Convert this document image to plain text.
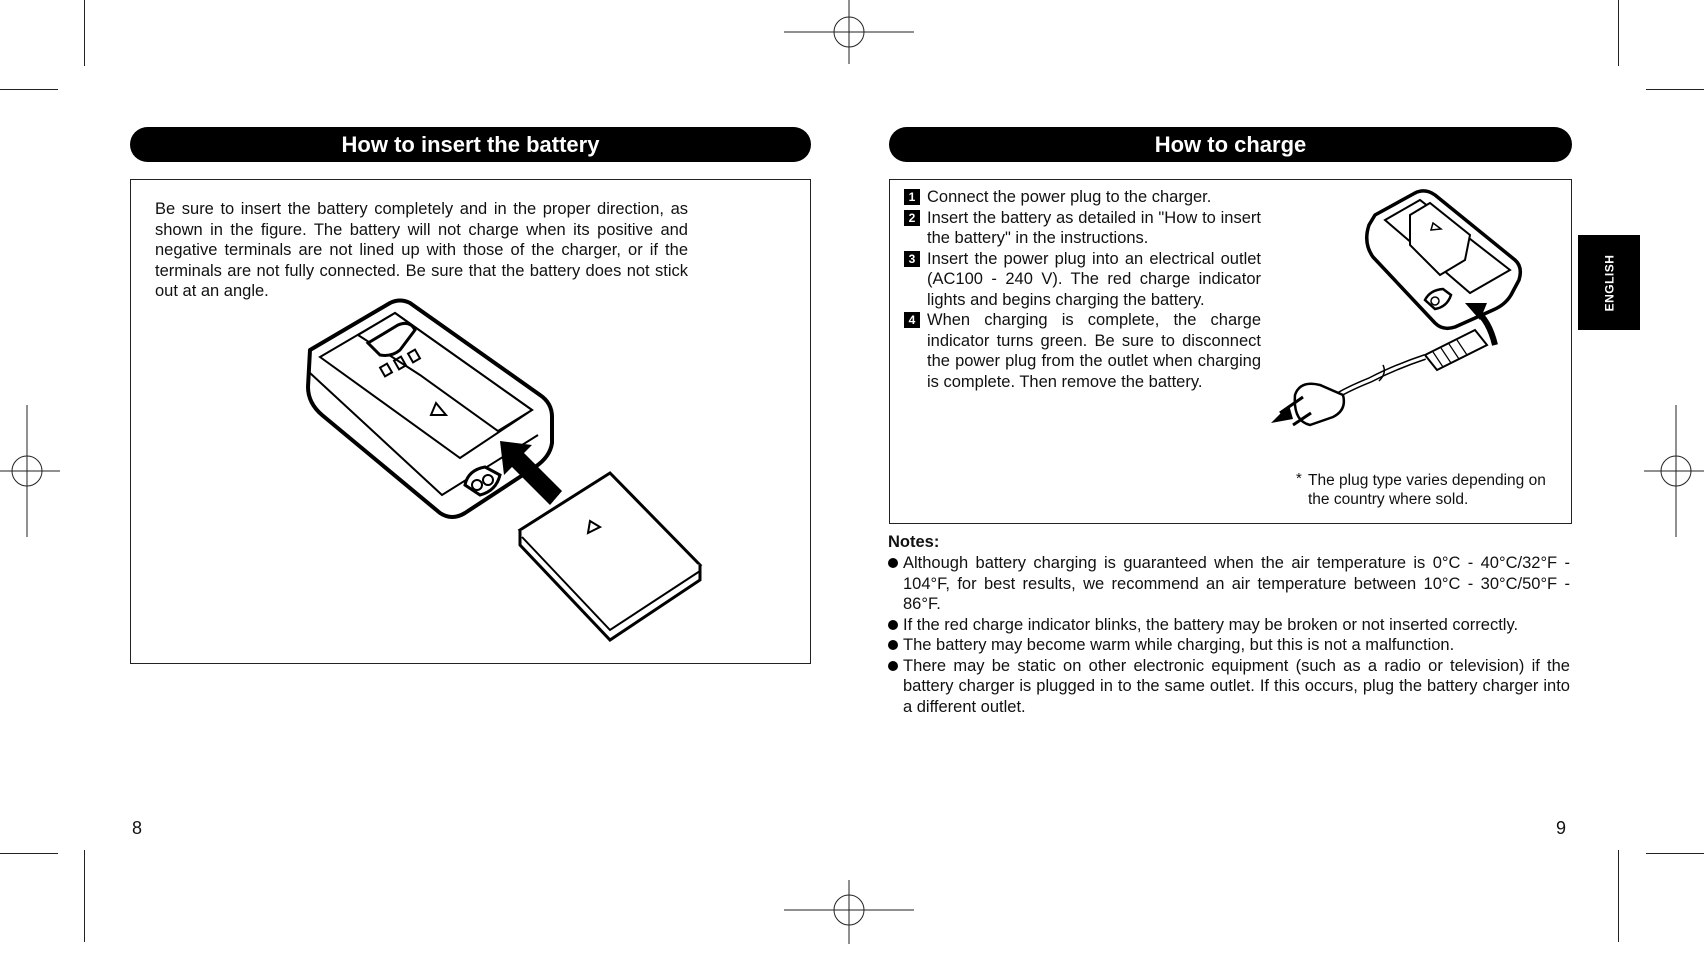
How to insert the battery
Be sure to insert the battery completely and in the proper direction, as shown in the figure. The battery will not charge when its positive and negative terminals are not lined up with those of the charger, or if the terminals are not fully connected. Be sure that the battery does not stick out at an angle.
8
How to charge
1 Connect the power plug to the charger.
2 Insert the battery as detailed in "How to insert the battery" in the instructions.
3 Insert the power plug into an electrical outlet (AC100 - 240 V). The red charge indicator lights and begins charging the battery.
4 When charging is complete, the charge indicator turns green. Be sure to disconnect the power plug from the outlet when charging is complete. Then remove the battery.
* The plug type varies depending on the country where sold.
Notes:
Although battery charging is guaranteed when the air temperature is 0°C - 40°C/32°F - 104°F, for best results, we recommend an air temperature between 10°C - 30°C/50°F - 86°F.
If the red charge indicator blinks, the battery may be broken or not inserted correctly.
The battery may become warm while charging, but this is not a malfunction.
There may be static on other electronic equipment (such as a radio or television) if the battery charger is plugged in to the same outlet. If this occurs, plug the battery charger into a different outlet.
ENGLISH
9
